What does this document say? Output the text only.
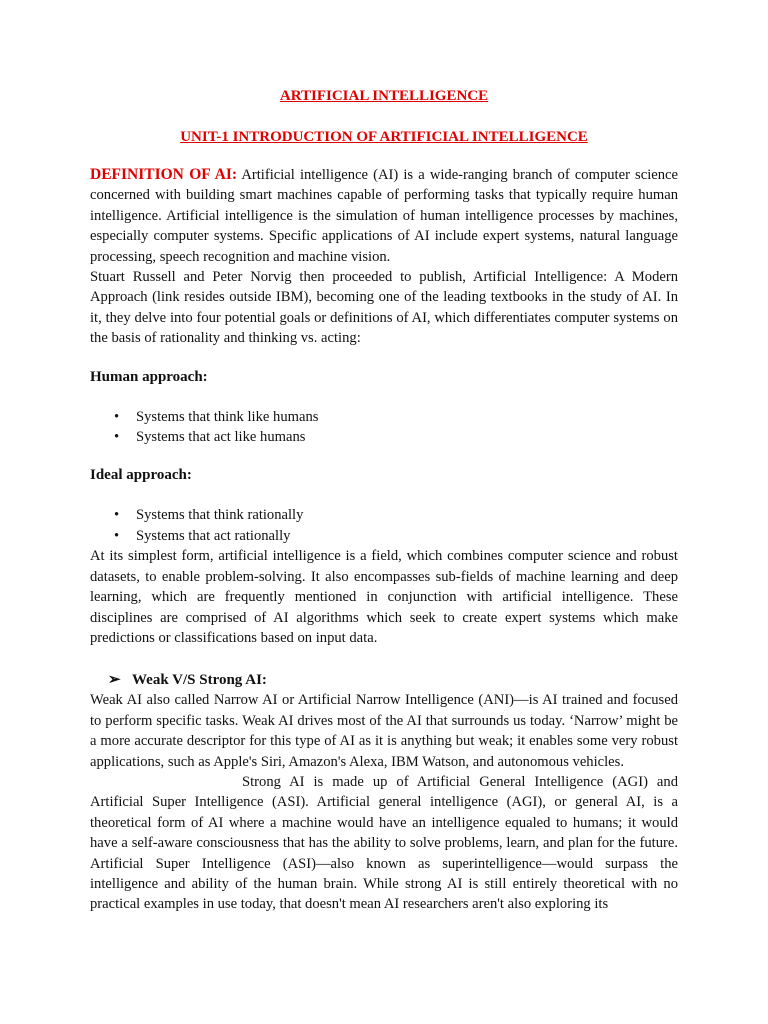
ARTIFICIAL INTELLIGENCE

UNIT-1 INTRODUCTION OF ARTIFICIAL INTELLIGENCE

DEFINITION OF AI: Artificial intelligence (AI) is a wide-ranging branch of computer science concerned with building smart machines capable of performing tasks that typically require human intelligence. Artificial intelligence is the simulation of human intelligence processes by machines, especially computer systems. Specific applications of AI include expert systems, natural language processing, speech recognition and machine vision.

Stuart Russell and Peter Norvig then proceeded to publish, Artificial Intelligence: A Modern Approach (link resides outside IBM), becoming one of the leading textbooks in the study of AI. In it, they delve into four potential goals or definitions of AI, which differentiates computer systems on the basis of rationality and thinking vs. acting:

Human approach:

• Systems that think like humans
• Systems that act like humans

Ideal approach:

• Systems that think rationally
• Systems that act rationally

At its simplest form, artificial intelligence is a field, which combines computer science and robust datasets, to enable problem-solving. It also encompasses sub-fields of machine learning and deep learning, which are frequently mentioned in conjunction with artificial intelligence. These disciplines are comprised of AI algorithms which seek to create expert systems which make predictions or classifications based on input data.

➢ Weak V/S Strong AI:

Weak AI also called Narrow AI or Artificial Narrow Intelligence (ANI)—is AI trained and focused to perform specific tasks. Weak AI drives most of the AI that surrounds us today. ‘Narrow’ might be a more accurate descriptor for this type of AI as it is anything but weak; it enables some very robust applications, such as Apple's Siri, Amazon's Alexa, IBM Watson, and autonomous vehicles.

Strong AI is made up of Artificial General Intelligence (AGI) and Artificial Super Intelligence (ASI). Artificial general intelligence (AGI), or general AI, is a theoretical form of AI where a machine would have an intelligence equaled to humans; it would have a self-aware consciousness that has the ability to solve problems, learn, and plan for the future. Artificial Super Intelligence (ASI)—also known as superintelligence—would surpass the intelligence and ability of the human brain. While strong AI is still entirely theoretical with no practical examples in use today, that doesn't mean AI researchers aren't also exploring its
